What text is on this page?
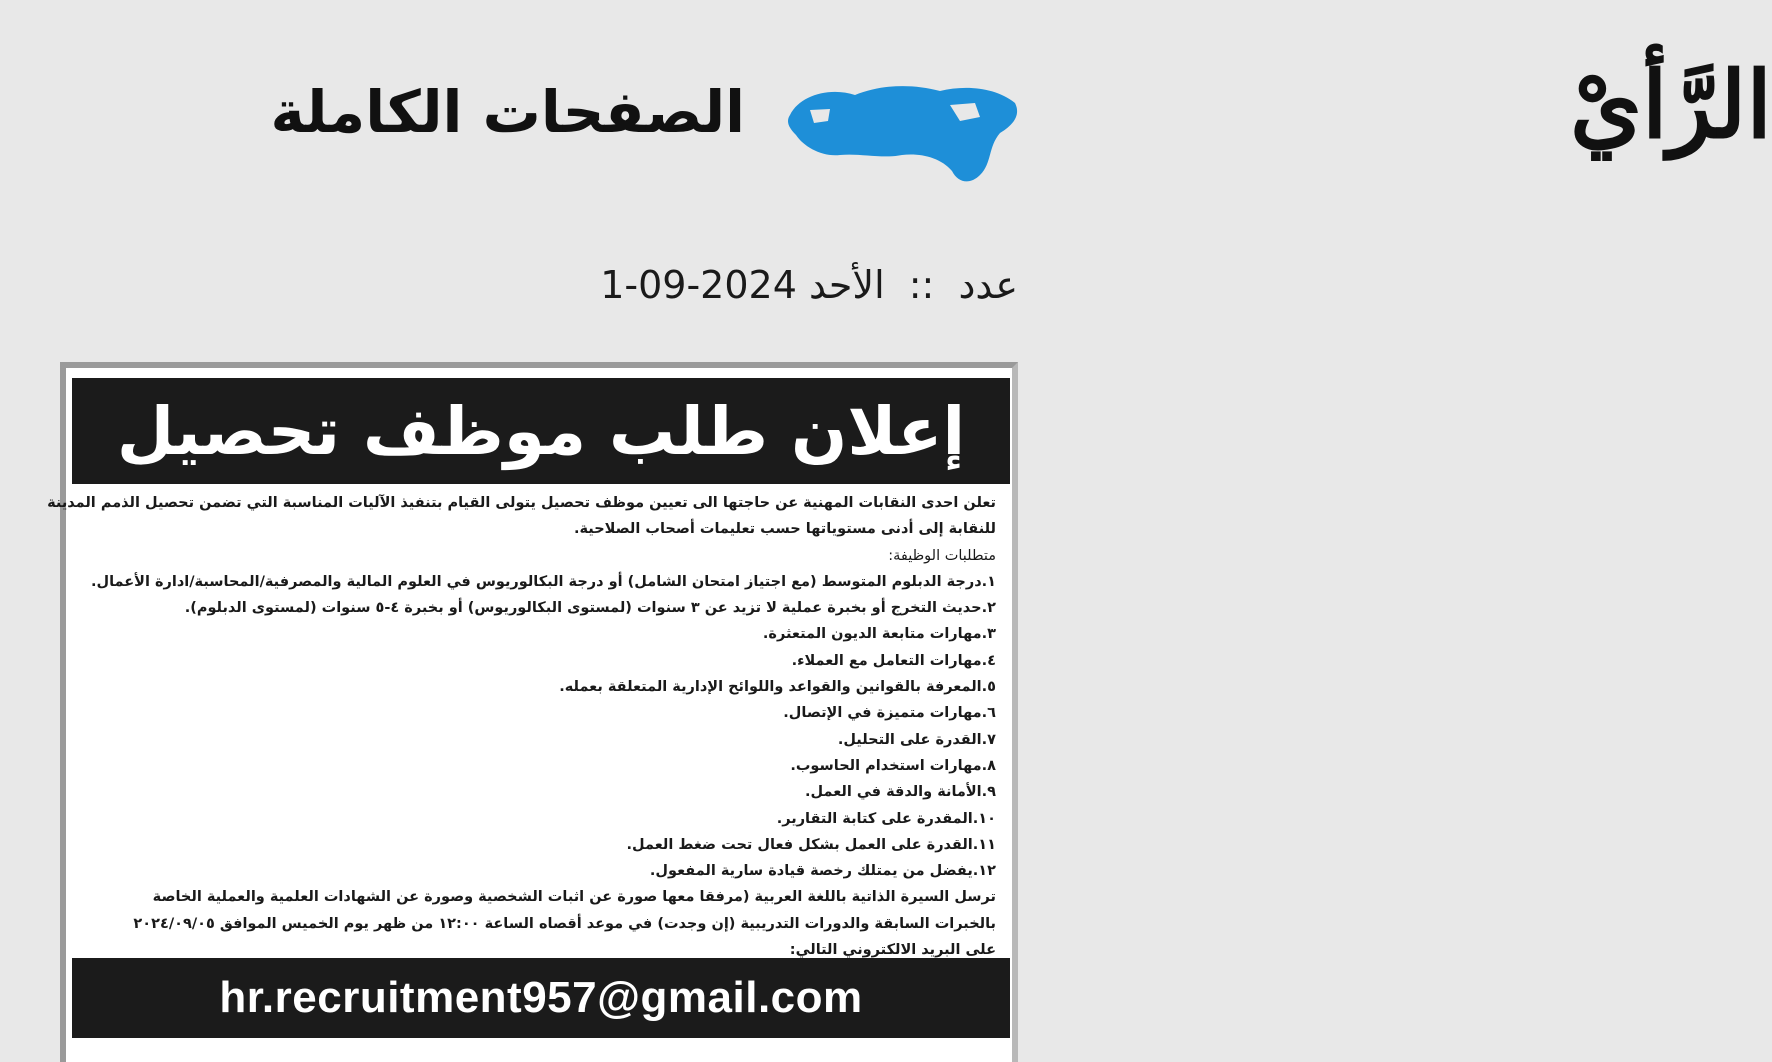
الرَّأيْ
الصفحات الكاملة
عدد :: الأحد 2024-09-1
إعلان طلب موظف تحصيل

تعلن احدى النقابات المهنية عن حاجتها الى تعيين موظف تحصيل يتولى القيام بتنفيذ الآليات المناسبة التي تضمن تحصيل الذمم المدينة

للنقابة إلى أدنى مستوياتها حسب تعليمات أصحاب الصلاحية.

متطلبات الوظيفة:

١.درجة الدبلوم المتوسط (مع اجتياز امتحان الشامل) أو درجة البكالوريوس في العلوم المالية والمصرفية/المحاسبة/ادارة الأعمال.

٢.حديث التخرج أو بخبرة عملية لا تزيد عن ٣ سنوات (لمستوى البكالوريوس) أو بخبرة ٤-٥ سنوات (لمستوى الدبلوم).

٣.مهارات متابعة الديون المتعثرة.

٤.مهارات التعامل مع العملاء.

٥.المعرفة بالقوانين والقواعد واللوائح الإدارية المتعلقة بعمله.

٦.مهارات متميزة في الإتصال.

٧.القدرة على التحليل.

٨.مهارات استخدام الحاسوب.

٩.الأمانة والدقة في العمل.

١٠.المقدرة على كتابة التقارير.

١١.القدرة على العمل بشكل فعال تحت ضغط العمل.

١٢.يفضل من يمتلك رخصة قيادة سارية المفعول.

ترسل السيرة الذاتية باللغة العربية (مرفقا معها صورة عن اثبات الشخصية وصورة عن الشهادات العلمية والعملية الخاصة

بالخبرات السابقة والدورات التدريبية (إن وجدت) في موعد أقصاه الساعة ١٢:٠٠ من ظهر يوم الخميس الموافق ٢٠٢٤/٠٩/٠٥

على البريد الالكتروني التالي:

hr.recruitment957@gmail.com
